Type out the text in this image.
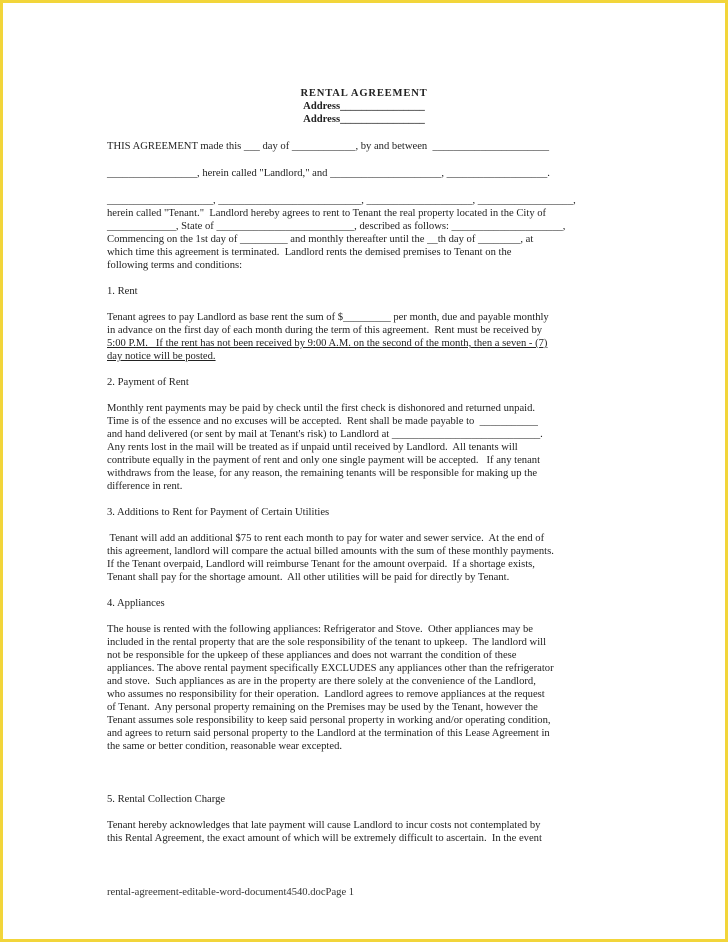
RENTAL AGREEMENT
Address________________
Address________________
THIS AGREEMENT made this ___ day of ____________, by and between  ______________________
_________________, herein called "Landlord," and _____________________, ___________________.
____________________, ___________________________, ____________________, __________________,
herein called "Tenant."  Landlord hereby agrees to rent to Tenant the real property located in the City of
_____________, State of __________________________, described as follows: _____________________,
Commencing on the 1st day of _________ and monthly thereafter until the __th day of ________, at
which time this agreement is terminated.  Landlord rents the demised premises to Tenant on the
following terms and conditions:
1. Rent
Tenant agrees to pay Landlord as base rent the sum of $_________ per month, due and payable monthly
in advance on the first day of each month during the term of this agreement.  Rent must be received by
5:00 P.M.   If the rent has not been received by 9:00 A.M. on the second of the month, then a seven - (7)
day notice will be posted.
2. Payment of Rent
Monthly rent payments may be paid by check until the first check is dishonored and returned unpaid.
Time is of the essence and no excuses will be accepted.  Rent shall be made payable to  ___________
and hand delivered (or sent by mail at Tenant's risk) to Landlord at ____________________________.
Any rents lost in the mail will be treated as if unpaid until received by Landlord.  All tenants will
contribute equally in the payment of rent and only one single payment will be accepted.   If any tenant
withdraws from the lease, for any reason, the remaining tenants will be responsible for making up the
difference in rent.
3. Additions to Rent for Payment of Certain Utilities
Tenant will add an additional $75 to rent each month to pay for water and sewer service.  At the end of
this agreement, landlord will compare the actual billed amounts with the sum of these monthly payments.
If the Tenant overpaid, Landlord will reimburse Tenant for the amount overpaid.  If a shortage exists,
Tenant shall pay for the shortage amount.  All other utilities will be paid for directly by Tenant.
4. Appliances
The house is rented with the following appliances: Refrigerator and Stove.  Other appliances may be
included in the rental property that are the sole responsibility of the tenant to upkeep.  The landlord will
not be responsible for the upkeep of these appliances and does not warrant the condition of these
appliances. The above rental payment specifically EXCLUDES any appliances other than the refrigerator
and stove.  Such appliances as are in the property are there solely at the convenience of the Landlord,
who assumes no responsibility for their operation.  Landlord agrees to remove appliances at the request
of Tenant.  Any personal property remaining on the Premises may be used by the Tenant, however the
Tenant assumes sole responsibility to keep said personal property in working and/or operating condition,
and agrees to return said personal property to the Landlord at the termination of this Lease Agreement in
the same or better condition, reasonable wear excepted.
5. Rental Collection Charge
Tenant hereby acknowledges that late payment will cause Landlord to incur costs not contemplated by
this Rental Agreement, the exact amount of which will be extremely difficult to ascertain.  In the event
rental-agreement-editable-word-document4540.docPage 1
